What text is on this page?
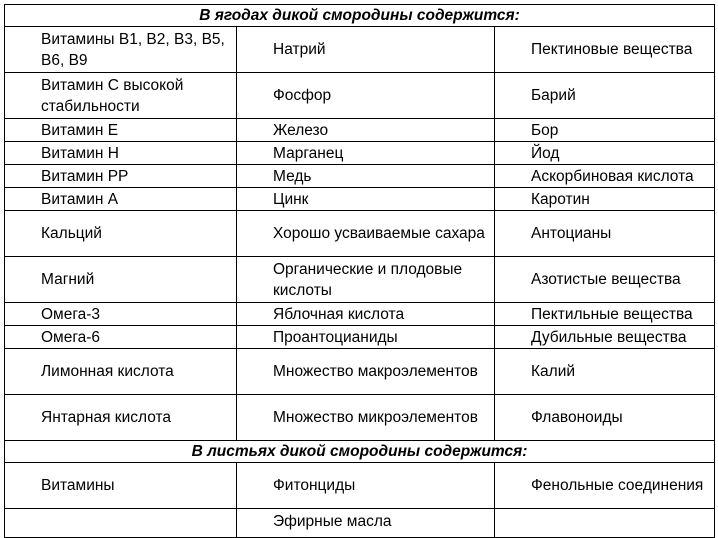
В ягодах дикой смородины содержится:		
Витамины B1, B2, B3, B5, B6, B9	Натрий	Пектиновые вещества
Витамин С высокой стабильности	Фосфор	Барий
Витамин Е	Железо	Бор
Витамин Н	Марганец	Йод
Витамин PP	Медь	Аскорбиновая кислота
Витамин А	Цинк	Каротин
Кальций	Хорошо усваиваемые сахара	Антоцианы
Магний	Органические и плодовые кислоты	Азотистые вещества
Омега-3	Яблочная кислота	Пектильные вещества
Омега-6	Проантоцианиды	Дубильные вещества
Лимонная кислота	Множество макроэлементов	Калий
Янтарная кислота	Множество микроэлементов	Флавоноиды
В листьях дикой смородины содержится:		
Витамины	Фитонциды	Фенольные соединения
	Эфирные масла	
